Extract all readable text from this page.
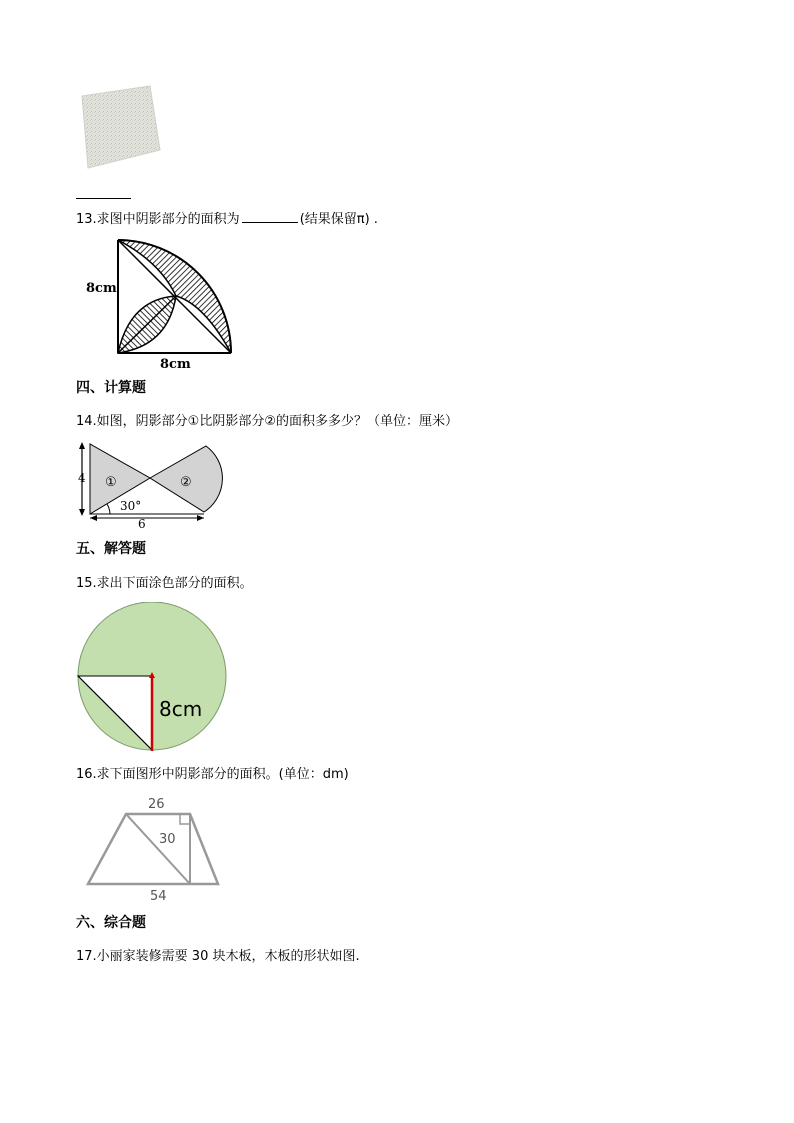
13.求图中阴影部分的面积为	(结果保留π) .
8cm
8cm
四、计算题
14.如图，阴影部分①比阴影部分②的面积多多少？（单位：厘米）
4
30°
①	②
6
五、解答题
15.求出下面涂色部分的面积。
8cm
16.求下面图形中阴影部分的面积。(单位：dm)
26
30
54
六、综合题
17.小丽家装修需要 30 块木板，木板的形状如图.
